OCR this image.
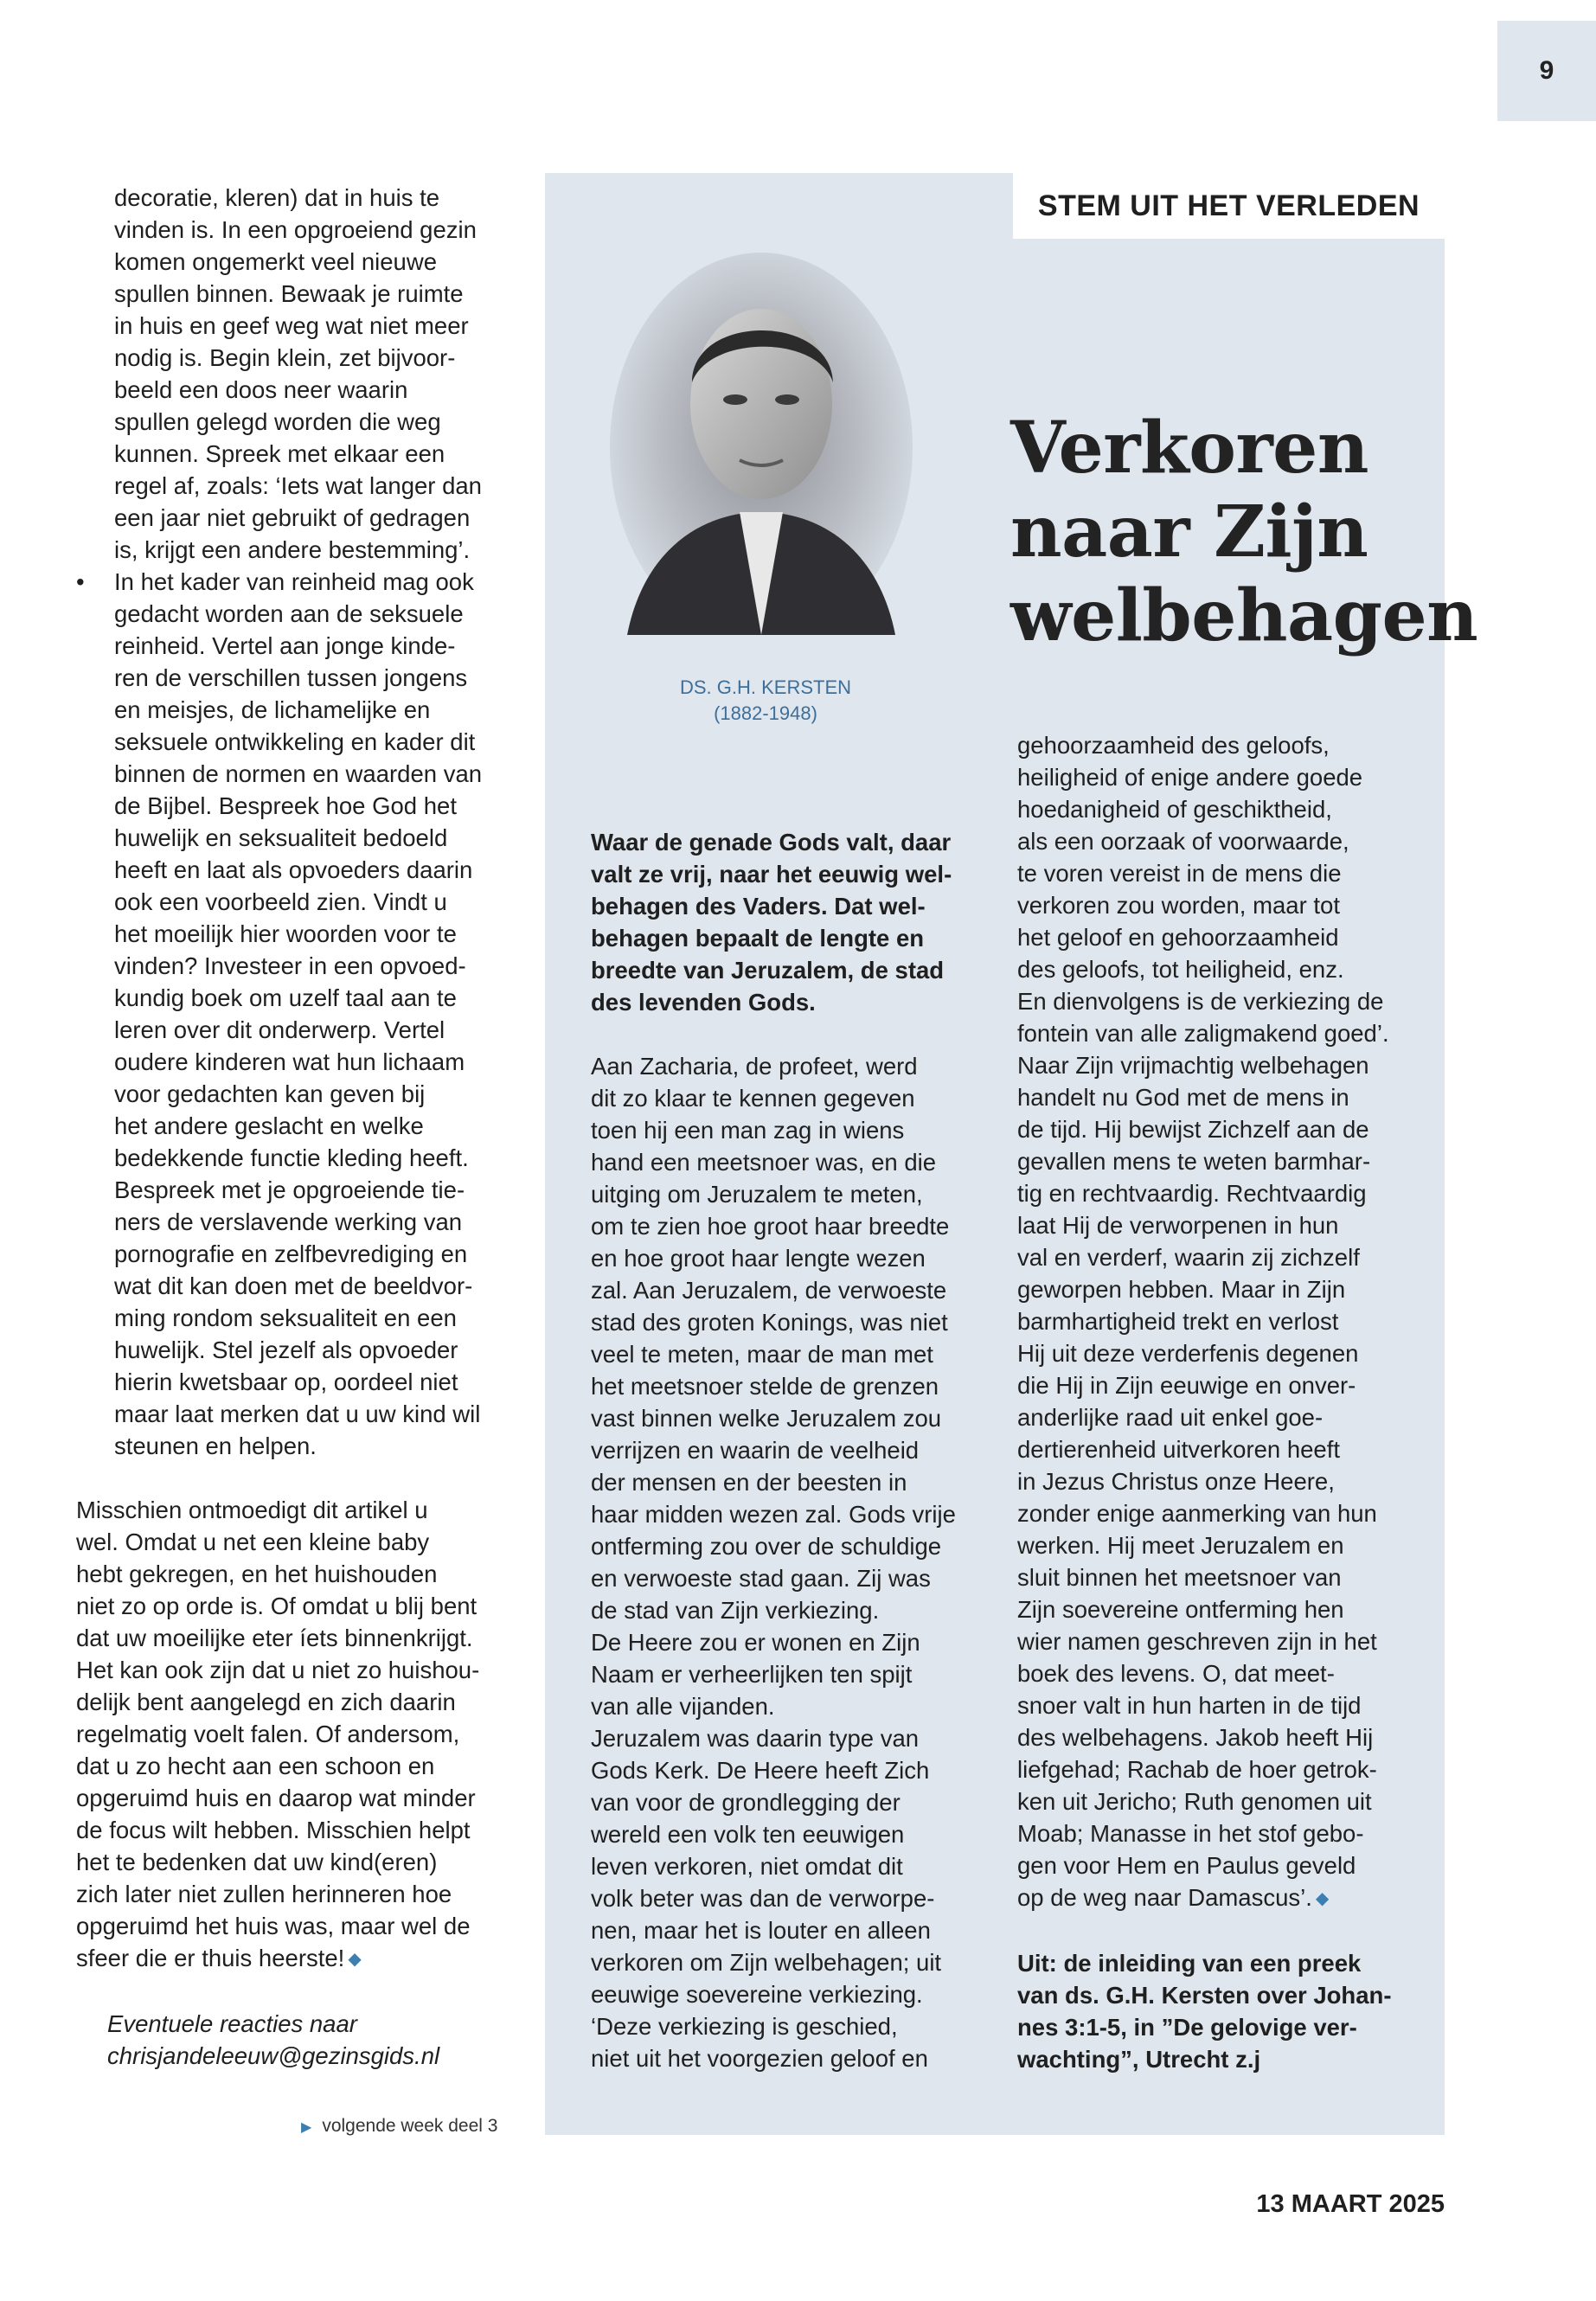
9

decoratie, kleren) dat in huis te

vinden is. In een opgroeiend gezin

komen ongemerkt veel nieuwe

spullen binnen. Bewaak je ruimte

in huis en geef weg wat niet meer

nodig is. Begin klein, zet bijvoor-

beeld een doos neer waarin

spullen gelegd worden die weg

kunnen. Spreek met elkaar een

regel af, zoals: ‘Iets wat langer dan

een jaar niet gebruikt of gedragen

is, krijgt een andere bestemming’.

• In het kader van reinheid mag ook

gedacht worden aan de seksuele

reinheid. Vertel aan jonge kinde-

ren de verschillen tussen jongens

en meisjes, de lichamelijke en

seksuele ontwikkeling en kader dit

binnen de normen en waarden van

de Bijbel. Bespreek hoe God het

huwelijk en seksualiteit bedoeld

heeft en laat als opvoeders daarin

ook een voorbeeld zien. Vindt u

het moeilijk hier woorden voor te

vinden? Investeer in een opvoed-

kundig boek om uzelf taal aan te

leren over dit onderwerp. Vertel

oudere kinderen wat hun lichaam

voor gedachten kan geven bij

het andere geslacht en welke

bedekkende functie kleding heeft.

Bespreek met je opgroeiende tie-

ners de verslavende werking van

pornografie en zelfbevrediging en

wat dit kan doen met de beeldvor-

ming rondom seksualiteit en een

huwelijk. Stel jezelf als opvoeder

hierin kwetsbaar op, oordeel niet

maar laat merken dat u uw kind wil

steunen en helpen.

Misschien ontmoedigt dit artikel u

wel. Omdat u net een kleine baby

hebt gekregen, en het huishouden

niet zo op orde is. Of omdat u blij bent

dat uw moeilijke eter íets binnenkrijgt.

Het kan ook zijn dat u niet zo huishou-

delijk bent aangelegd en zich daarin

regelmatig voelt falen. Of andersom,

dat u zo hecht aan een schoon en

opgeruimd huis en daarop wat minder

de focus wilt hebben. Misschien helpt

het te bedenken dat uw kind(eren)

zich later niet zullen herinneren hoe

opgeruimd het huis was, maar wel de

sfeer die er thuis heerste! ◆

Eventuele reacties naar

chrisjandeleeuw@gezinsgids.nl

▶ volgende week deel 3
STEM UIT HET VERLEDEN
Verkoren
naar Zijn
welbehagen
DS. G.H. KERSTEN
(1882-1948)

Waar de genade Gods valt, daar

valt ze vrij, naar het eeuwig wel-

behagen des Vaders. Dat wel-

behagen bepaalt de lengte en

breedte van Jeruzalem, de stad

des levenden Gods.

Aan Zacharia, de profeet, werd

dit zo klaar te kennen gegeven

toen hij een man zag in wiens

hand een meetsnoer was, en die

uitging om Jeruzalem te meten,

om te zien hoe groot haar breedte

en hoe groot haar lengte wezen

zal. Aan Jeruzalem, de verwoeste

stad des groten Konings, was niet

veel te meten, maar de man met

het meetsnoer stelde de grenzen

vast binnen welke Jeruzalem zou

verrijzen en waarin de veelheid

der mensen en der beesten in

haar midden wezen zal. Gods vrije

ontferming zou over de schuldige

en verwoeste stad gaan. Zij was

de stad van Zijn verkiezing.

De Heere zou er wonen en Zijn

Naam er verheerlijken ten spijt

van alle vijanden.

Jeruzalem was daarin type van

Gods Kerk. De Heere heeft Zich

van voor de grondlegging der

wereld een volk ten eeuwigen

leven verkoren, niet omdat dit

volk beter was dan de verworpe-

nen, maar het is louter en alleen

verkoren om Zijn welbehagen; uit

eeuwige soevereine verkiezing.

‘Deze verkiezing is geschied,

niet uit het voorgezien geloof en

gehoorzaamheid des geloofs,

heiligheid of enige andere goede

hoedanigheid of geschiktheid,

als een oorzaak of voorwaarde,

te voren vereist in de mens die

verkoren zou worden, maar tot

het geloof en gehoorzaamheid

des geloofs, tot heiligheid, enz.

En dienvolgens is de verkiezing de

fontein van alle zaligmakend goed’.

Naar Zijn vrijmachtig welbehagen

handelt nu God met de mens in

de tijd. Hij bewijst Zichzelf aan de

gevallen mens te weten barmhar-

tig en rechtvaardig. Rechtvaardig

laat Hij de verworpenen in hun

val en verderf, waarin zij zichzelf

geworpen hebben. Maar in Zijn

barmhartigheid trekt en verlost

Hij uit deze verderfenis degenen

die Hij in Zijn eeuwige en onver-

anderlijke raad uit enkel goe-

dertierenheid uitverkoren heeft

in Jezus Christus onze Heere,

zonder enige aanmerking van hun

werken. Hij meet Jeruzalem en

sluit binnen het meetsnoer van

Zijn soevereine ontferming hen

wier namen geschreven zijn in het

boek des levens. O, dat meet-

snoer valt in hun harten in de tijd

des welbehagens. Jakob heeft Hij

liefgehad; Rachab de hoer getrok-

ken uit Jericho; Ruth genomen uit

Moab; Manasse in het stof gebo-

gen voor Hem en Paulus geveld

op de weg naar Damascus’. ◆

Uit: de inleiding van een preek

van ds. G.H. Kersten over Johan-

nes 3:1-5, in ”De gelovige ver-

wachting”, Utrecht z.j

13 MAART 2025
